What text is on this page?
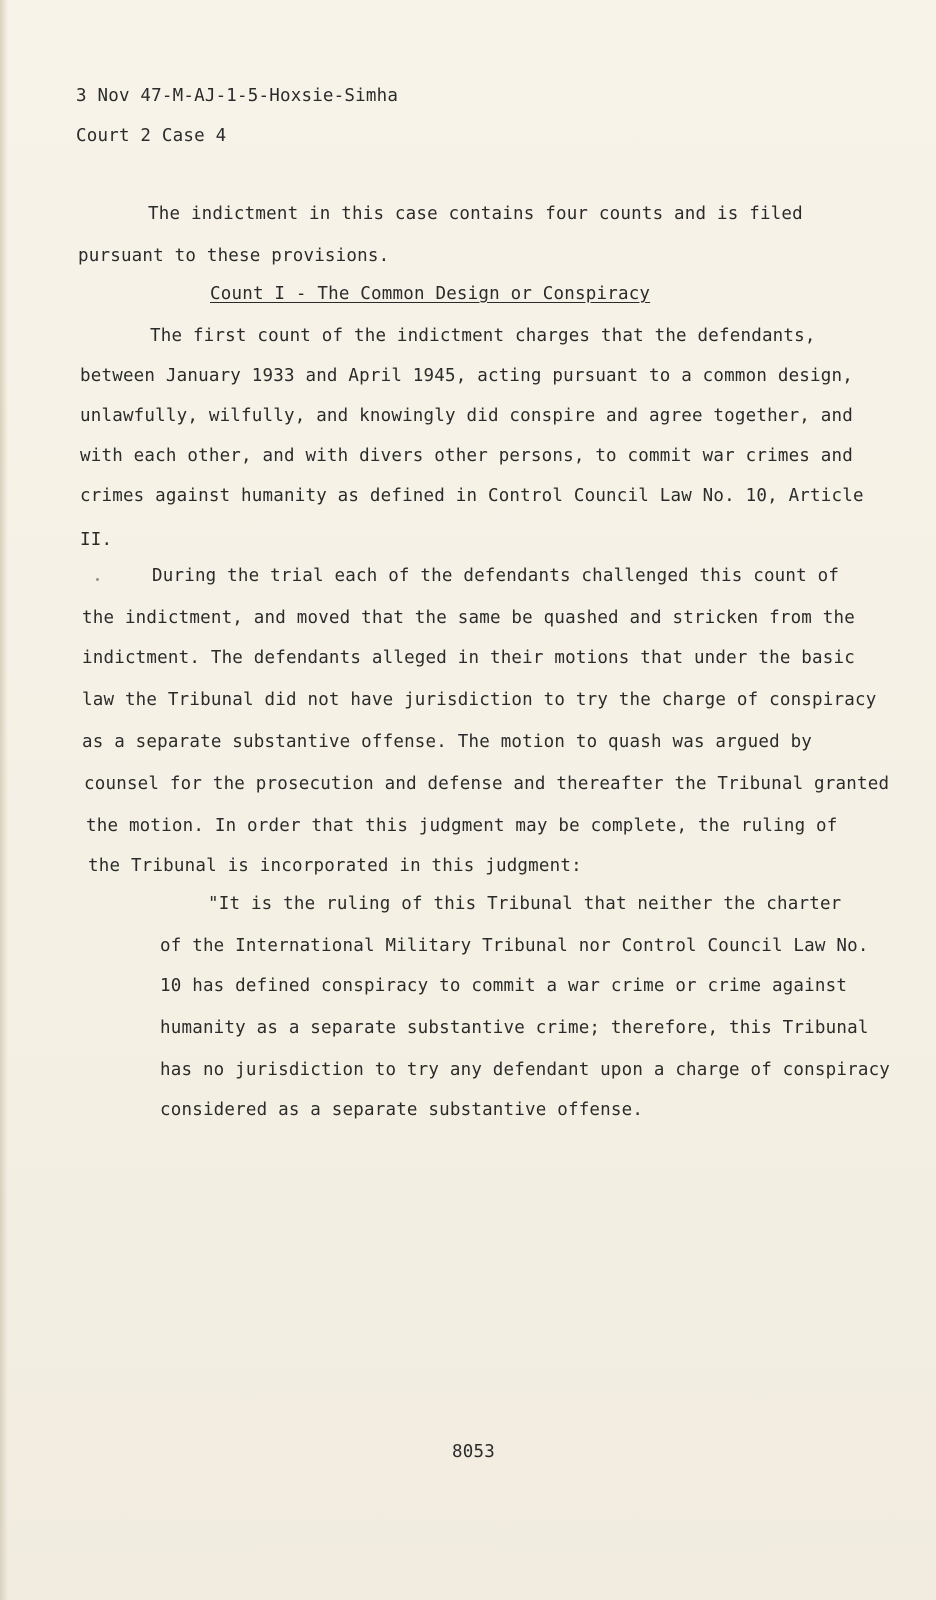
3 Nov 47-M-AJ-1-5-Hoxsie-Simha
Court 2 Case 4
The indictment in this case contains four counts and is filed
pursuant to these provisions.
Count I - The Common Design or Conspiracy
The first count of the indictment charges that the defendants,
between January 1933 and April 1945, acting pursuant to a common design,
unlawfully, wilfully, and knowingly did conspire and agree together, and
with each other, and with divers other persons, to commit war crimes and
crimes against humanity as defined in Control Council Law No. 10, Article
II.
During the trial each of the defendants challenged this count of
the indictment, and moved that the same be quashed and stricken from the
indictment. The defendants alleged in their motions that under the basic
law the Tribunal did not have jurisdiction to try the charge of conspiracy
as a separate substantive offense. The motion to quash was argued by
counsel for the prosecution and defense and thereafter the Tribunal granted
the motion. In order that this judgment may be complete, the ruling of
the Tribunal is incorporated in this judgment:
"It is the ruling of this Tribunal that neither the charter
of the International Military Tribunal nor Control Council Law No.
10 has defined conspiracy to commit a war crime or crime against
humanity as a separate substantive crime; therefore, this Tribunal
has no jurisdiction to try any defendant upon a charge of conspiracy
considered as a separate substantive offense.
8053
